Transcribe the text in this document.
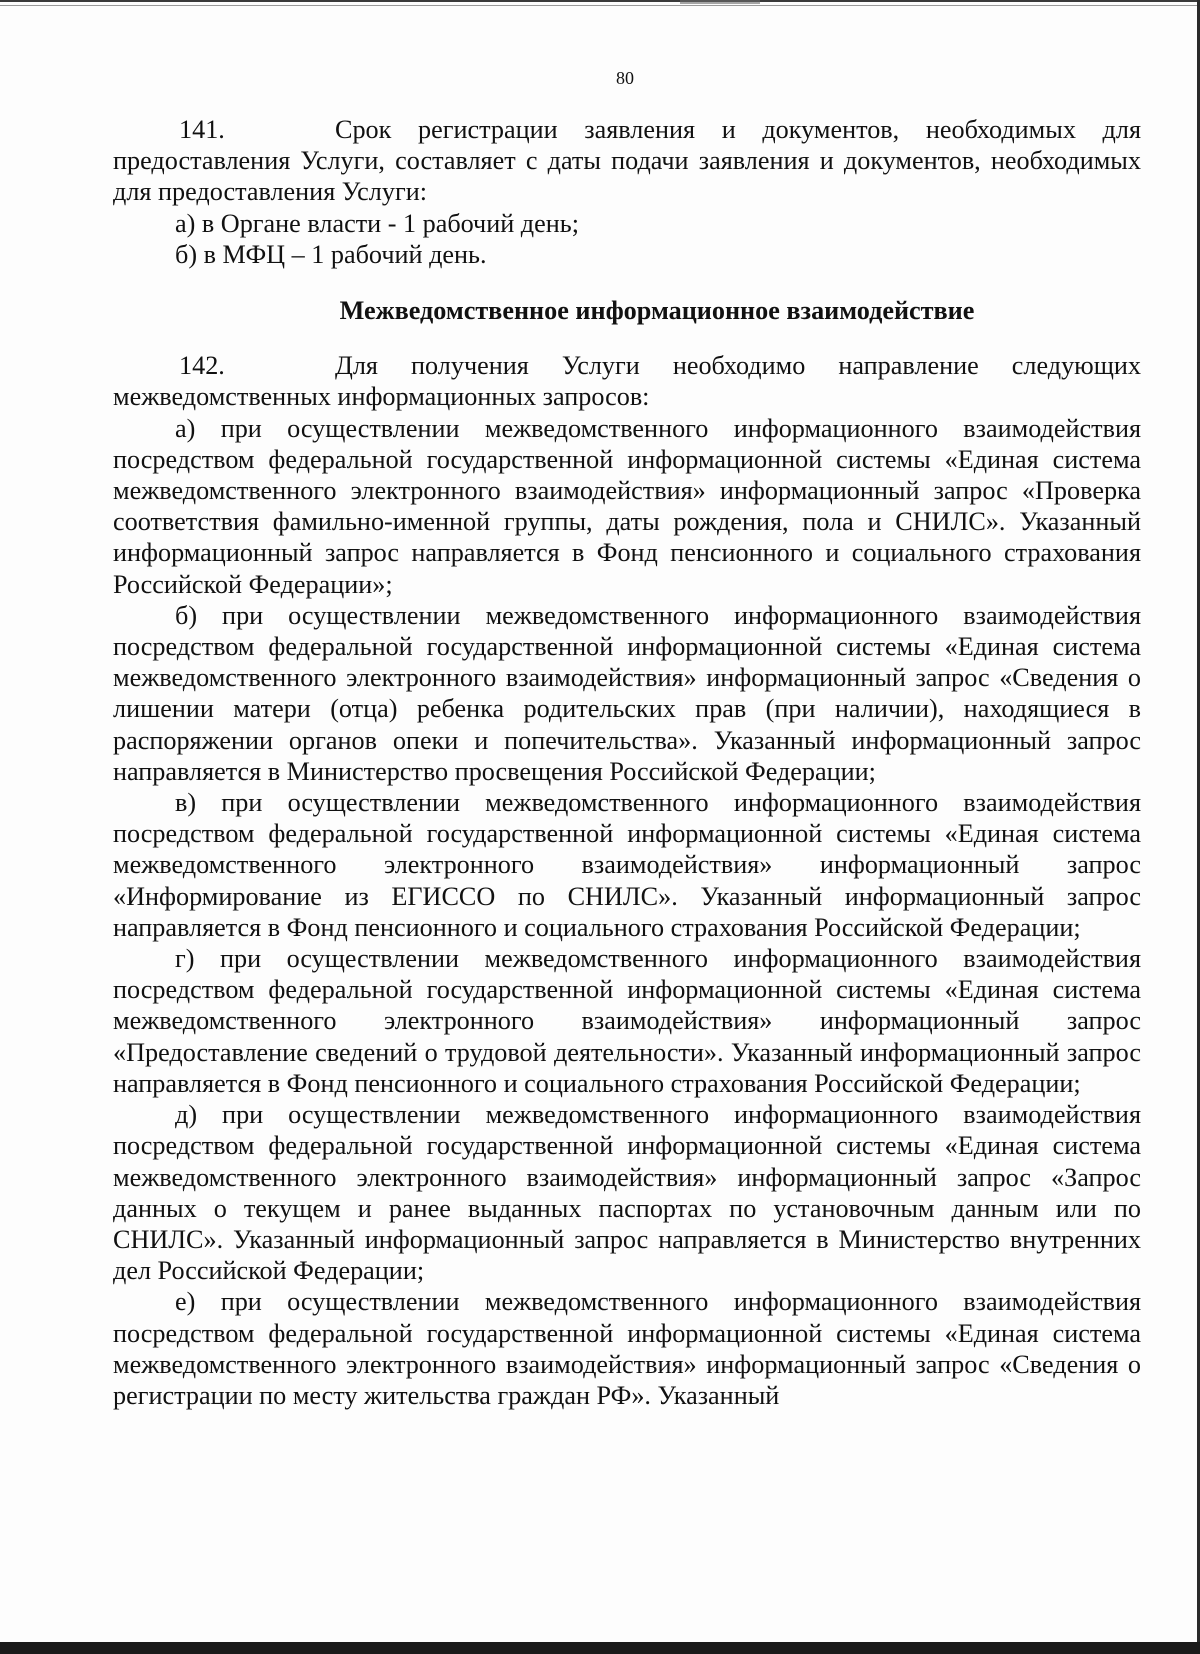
80

141.	Срок регистрации заявления и документов, необходимых для предоставления Услуги, составляет с даты подачи заявления и документов, необходимых для предоставления Услуги:

а) в Органе власти - 1 рабочий день;

б) в МФЦ – 1 рабочий день.

Межведомственное информационное взаимодействие

142.	Для получения Услуги необходимо направление следующих межведомственных информационных запросов:

а) при осуществлении межведомственного информационного взаимодействия посредством федеральной государственной информационной системы «Единая система межведомственного электронного взаимодействия» информационный запрос «Проверка соответствия фамильно-именной группы, даты рождения, пола и СНИЛС». Указанный информационный запрос направляется в Фонд пенсионного и социального страхования Российской Федерации»;

б) при осуществлении межведомственного информационного взаимодействия посредством федеральной государственной информационной системы «Единая система межведомственного электронного взаимодействия» информационный запрос «Сведения о лишении матери (отца) ребенка родительских прав (при наличии), находящиеся в распоряжении органов опеки и попечительства». Указанный информационный запрос направляется в Министерство просвещения Российской Федерации;

в) при осуществлении межведомственного информационного взаимодействия посредством федеральной государственной информационной системы «Единая система межведомственного электронного взаимодействия» информационный запрос «Информирование из ЕГИССО по СНИЛС». Указанный информационный запрос направляется в Фонд пенсионного и социального страхования Российской Федерации;

г) при осуществлении межведомственного информационного взаимодействия посредством федеральной государственной информационной системы «Единая система межведомственного электронного взаимодействия» информационный запрос «Предоставление сведений о трудовой деятельности». Указанный информационный запрос направляется в Фонд пенсионного и социального страхования Российской Федерации;

д) при осуществлении межведомственного информационного взаимодействия посредством федеральной государственной информационной системы «Единая система межведомственного электронного взаимодействия» информационный запрос «Запрос данных о текущем и ранее выданных паспортах по установочным данным или по СНИЛС». Указанный информационный запрос направляется в Министерство внутренних дел Российской Федерации;

е) при осуществлении межведомственного информационного взаимодействия посредством федеральной государственной информационной системы «Единая система межведомственного электронного взаимодействия» информационный запрос «Сведения о регистрации по месту жительства граждан РФ». Указанный
